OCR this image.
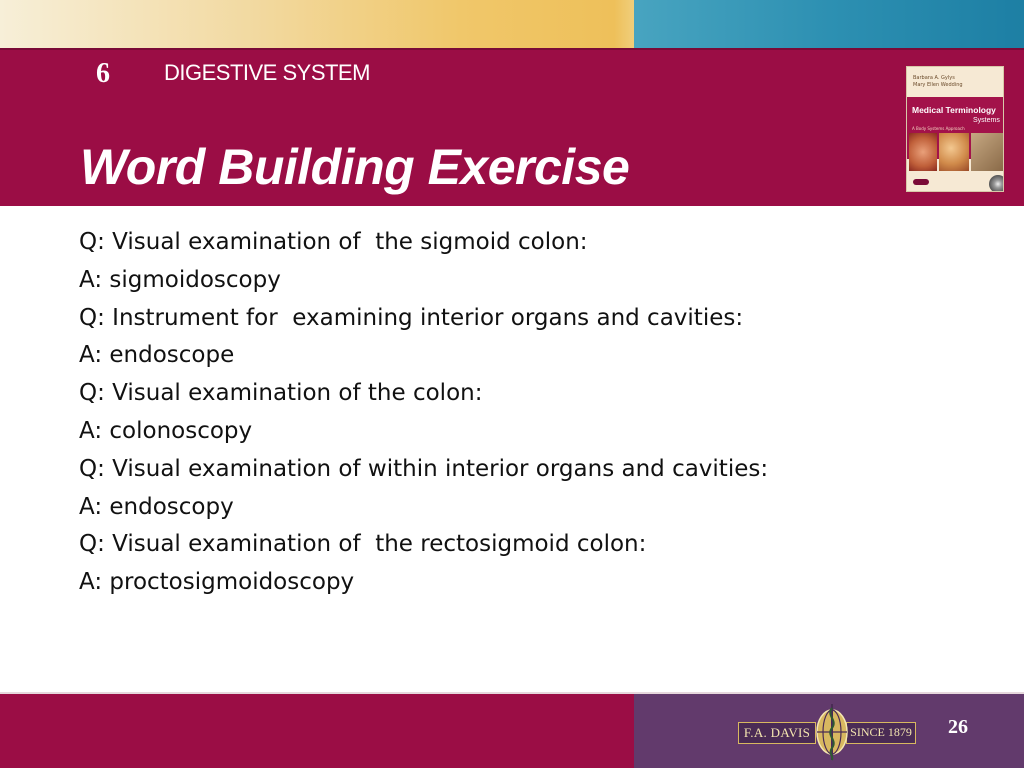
6 DIGESTIVE SYSTEM
Word Building Exercise
Barbara A. Gylys
Mary Ellen Wedding
Medical Terminology
Systems
A Body Systems Approach
Q: Visual examination of  the sigmoid colon:
A: sigmoidoscopy
Q: Instrument for  examining interior organs and cavities:
A: endoscope
Q: Visual examination of the colon:
A: colonoscopy
Q: Visual examination of within interior organs and cavities:
A: endoscopy
Q: Visual examination of  the rectosigmoid colon:
A: proctosigmoidoscopy
F.A. DAVIS	SINCE 1879 26
